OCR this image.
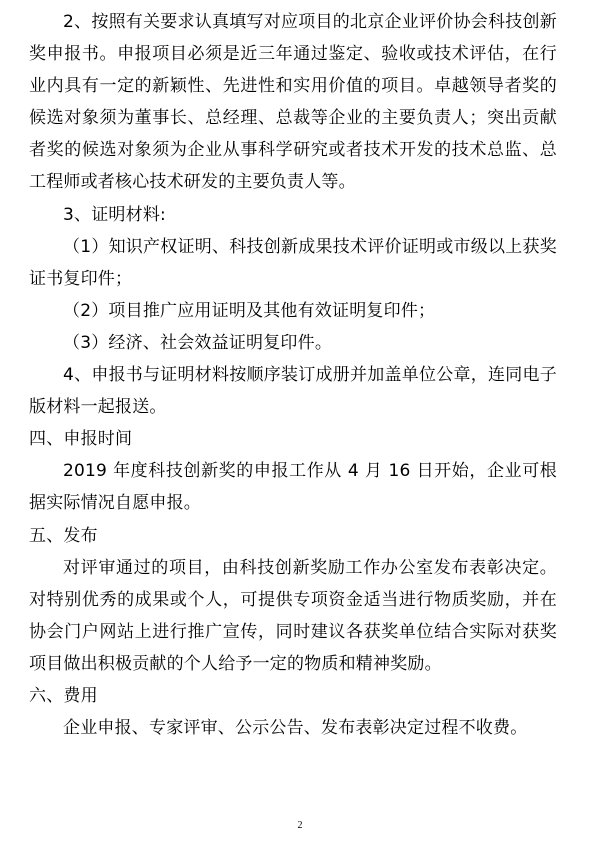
2、按照有关要求认真填写对应项目的北京企业评价协会科技创新奖申报书。申报项目必须是近三年通过鉴定、验收或技术评估，在行业内具有一定的新颖性、先进性和实用价值的项目。卓越领导者奖的候选对象须为董事长、总经理、总裁等企业的主要负责人；突出贡献者奖的候选对象须为企业从事科学研究或者技术开发的技术总监、总工程师或者核心技术研发的主要负责人等。

3、证明材料:

（1）知识产权证明、科技创新成果技术评价证明或市级以上获奖证书复印件；

（2）项目推广应用证明及其他有效证明复印件；

（3）经济、社会效益证明复印件。

4、申报书与证明材料按顺序装订成册并加盖单位公章，连同电子版材料一起报送。

四、申报时间

2019 年度科技创新奖的申报工作从 4 月 16 日开始，企业可根据实际情况自愿申报。

五、发布

对评审通过的项目，由科技创新奖励工作办公室发布表彰决定。对特别优秀的成果或个人，可提供专项资金适当进行物质奖励，并在协会门户网站上进行推广宣传，同时建议各获奖单位结合实际对获奖项目做出积极贡献的个人给予一定的物质和精神奖励。

六、费用

企业申报、专家评审、公示公告、发布表彰决定过程不收费。

2
